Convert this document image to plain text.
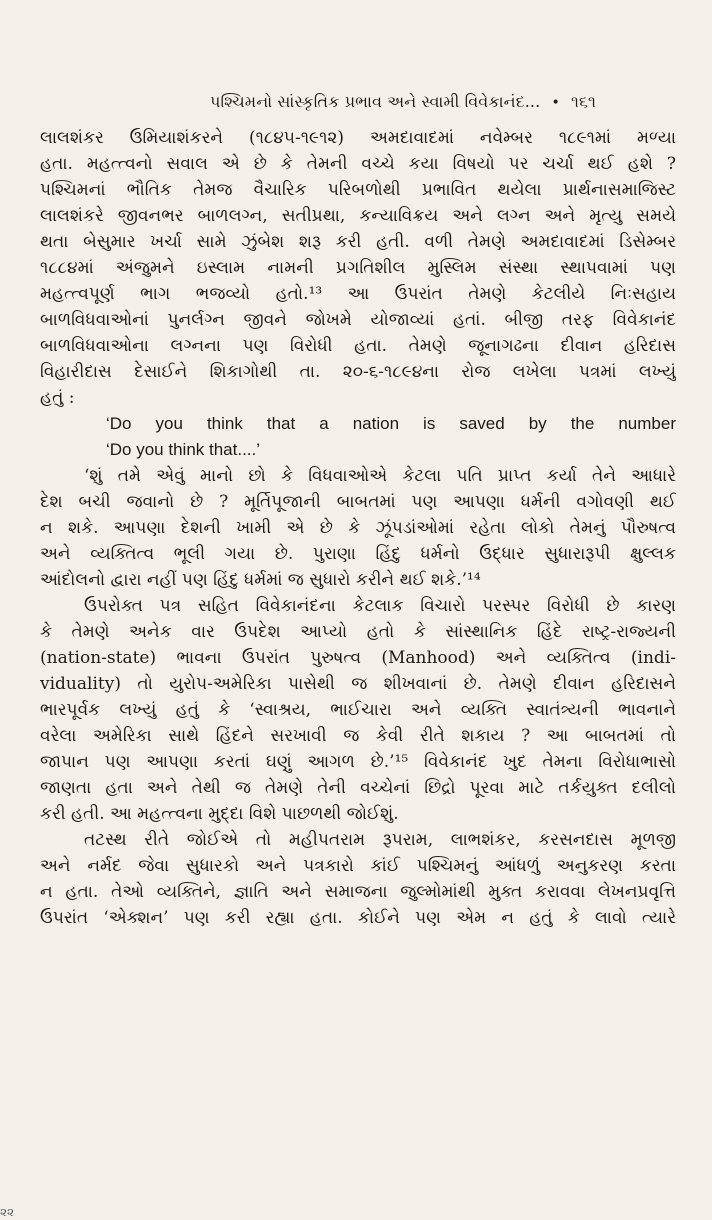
પશ્ચિમનો સાંસ્કૃતિક પ્રભાવ અને સ્વામી વિવેકાનંદ... • ૧૬૧
લાલશંકર ઉમિયાશંકરને (૧૮૪૫-૧૯૧૨) અમદાવાદમાં નવેમ્બર ૧૮૯૧માં મળ્યા
હતા. મહત્ત્વનો સવાલ એ છે કે તેમની વચ્ચે કયા વિષયો પર ચર્ચા થઈ હશે ?
પશ્ચિમનાં ભૌતિક તેમજ વૈચારિક પરિબળોથી પ્રભાવિત થયેલા પ્રાર્થનાસમાજિસ્ટ
લાલશંકરે જીવનભર બાળલગ્ન, સતીપ્રથા, કન્યાવિક્રય અને લગ્ન અને મૃત્યુ સમયે
થતા બેસુમાર ખર્ચા સામે ઝુંબેશ શરૂ કરી હતી. વળી તેમણે અમદાવાદમાં ડિસેમ્બર
૧૮૮૪માં અંજુમને ઇસ્લામ નામની પ્રગતિશીલ મુસ્લિમ સંસ્થા સ્થાપવામાં પણ
મહત્ત્વપૂર્ણ ભાગ ભજવ્યો હતો.¹³ આ ઉપરાંત તેમણે કેટલીયે નિઃસહાય
બાળવિધવાઓનાં પુનર્લગ્ન જીવને જોખમે યોજાવ્યાં હતાં. બીજી તરફ વિવેકાનંદ
બાળવિધવાઓના લગ્નના પણ વિરોધી હતા. તેમણે જૂનાગઢના દીવાન હરિદાસ
વિહારીદાસ દેસાઈને શિકાગોથી તા. ૨૦-૬-૧૮૯૪ના રોજ લખેલા પત્રમાં લખ્યું
હતું :
‘Do you think that a nation is saved by the number
‘Do you think that....’
‘શું તમે એવું માનો છો કે વિધવાઓએ કેટલા પતિ પ્રાપ્ત કર્યા તેને આધારે
દેશ બચી જવાનો છે ? મૂર્તિપૂજાની બાબતમાં પણ આપણા ધર્મની વગોવણી થઈ
ન શકે. આપણા દેશની ખામી એ છે કે ઝૂંપડાંઓમાં રહેતા લોકો તેમનું પૌરુષત્વ
અને વ્યક્તિત્વ ભૂલી ગયા છે. પુરાણા હિંદુ ધર્મનો ઉદ્ધાર સુધારારૂપી ક્ષુલ્લક
આંદોલનો દ્વારા નહીં પણ હિંદુ ધર્મમાં જ સુધારો કરીને થઈ શકે.’¹⁴
ઉપરોક્ત પત્ર સહિત વિવેકાનંદના કેટલાક વિચારો પરસ્પર વિરોધી છે કારણ
કે તેમણે અનેક વાર ઉપદેશ આપ્યો હતો કે સાંસ્થાનિક હિંદે રાષ્ટ્ર-રાજ્યની
(nation-state) ભાવના ઉપરાંત પુરુષત્વ (Manhood) અને વ્યક્તિત્વ (indi-
viduality) તો યુરોપ-અમેરિકા પાસેથી જ શીખવાનાં છે. તેમણે દીવાન હરિદાસને
ભારપૂર્વક લખ્યું હતું કે ‘સ્વાશ્રય, ભાઈચારા અને વ્યક્તિ સ્વાતંત્ર્યની ભાવનાને
વરેલા અમેરિકા સાથે હિંદને સરખાવી જ કેવી રીતે શકાય ? આ બાબતમાં તો
જાપાન પણ આપણા કરતાં ઘણું આગળ છે.’¹⁵ વિવેકાનંદ ખુદ તેમના વિરોધાભાસો
જાણતા હતા અને તેથી જ તેમણે તેની વચ્ચેનાં છિદ્રો પૂરવા માટે તર્કયુક્ત દલીલો
કરી હતી. આ મહત્ત્વના મુદ્દા વિશે પાછળથી જોઈશું.
તટસ્થ રીતે જોઈએ તો મહીપતરામ રૂપરામ, લાભશંકર, કરસનદાસ મૂળજી
અને નર્મદ જેવા સુધારકો અને પત્રકારો કાંઈ પશ્ચિમનું આંધળું અનુકરણ કરતા
ન હતા. તેઓ વ્યક્તિને, જ્ઞાતિ અને સમાજના જુલ્મોમાંથી મુક્ત કરાવવા લેખનપ્રવૃત્તિ
ઉપરાંત ‘એક્શન’ પણ કરી રહ્યા હતા. કોઈને પણ એમ ન હતું કે લાવો ત્યારે
૨૨
